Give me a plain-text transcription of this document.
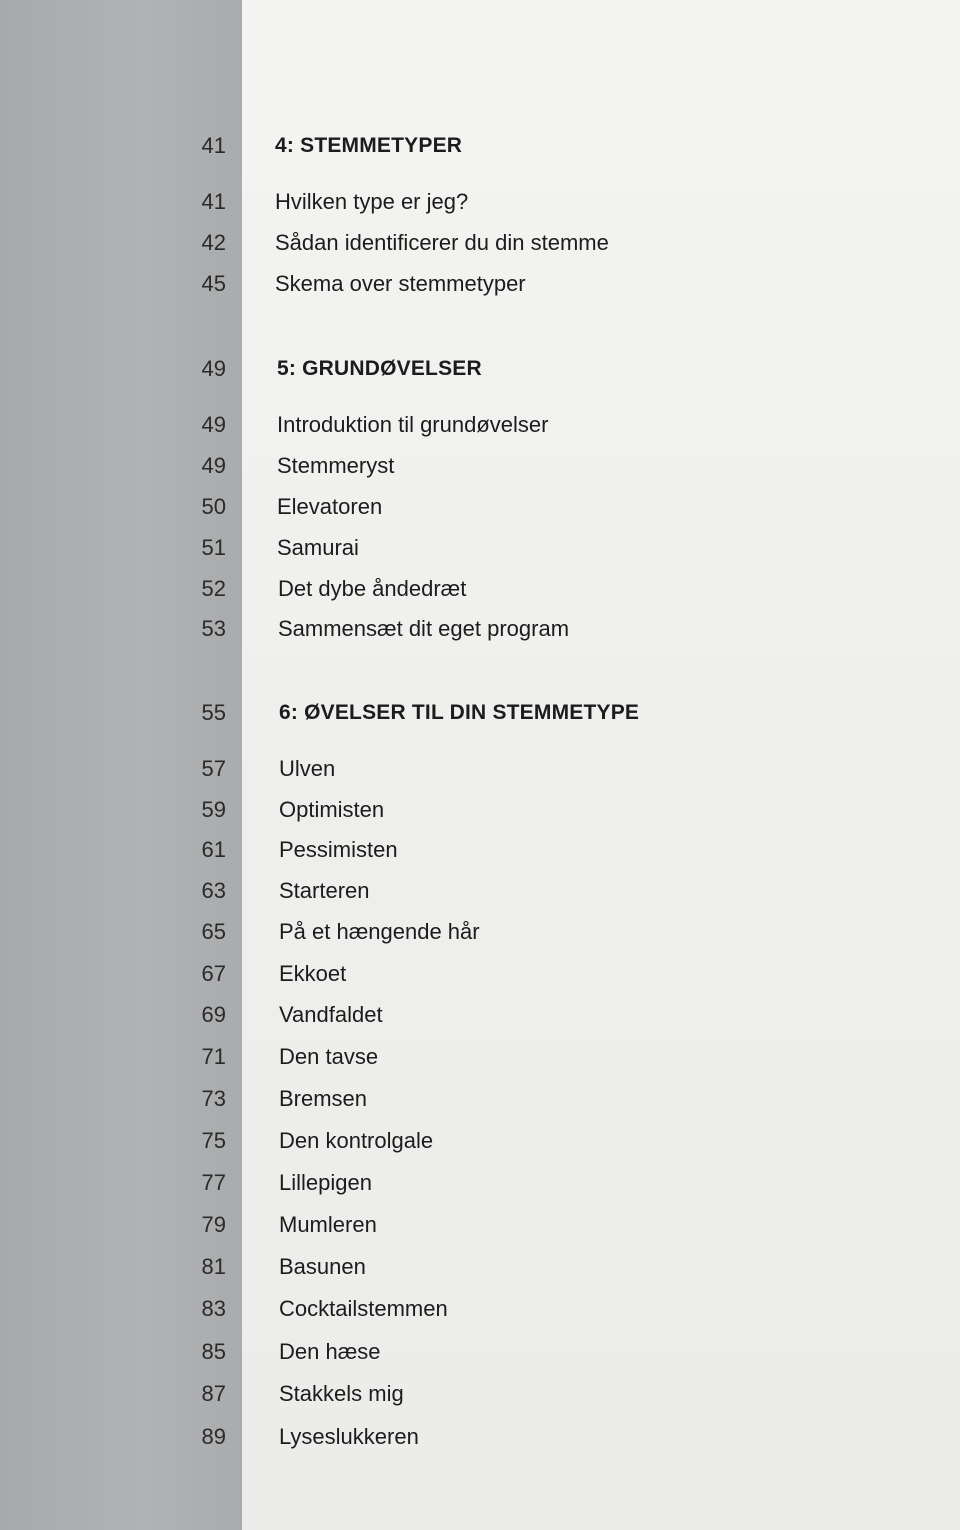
41 4: STEMMETYPER
41 Hvilken type er jeg?
42 Sådan identificerer du din stemme
45 Skema over stemmetyper
49 5: GRUNDØVELSER
49 Introduktion til grundøvelser
49 Stemmeryst
50 Elevatoren
51 Samurai
52 Det dybe åndedræt
53 Sammensæt dit eget program
55	6: ØVELSER TIL DIN STEMMETYPE
57 Ulven
59 Optimisten
61 Pessimisten
63 Starteren
65 På et hængende hår
67 Ekkoet
69 Vandfaldet
71 Den tavse
73 Bremsen
75 Den kontrolgale
77 Lillepigen
79 Mumleren
81 Basunen
83 Cocktailstemmen
85 Den hæse
87 Stakkels mig
89 Lyseslukkeren
